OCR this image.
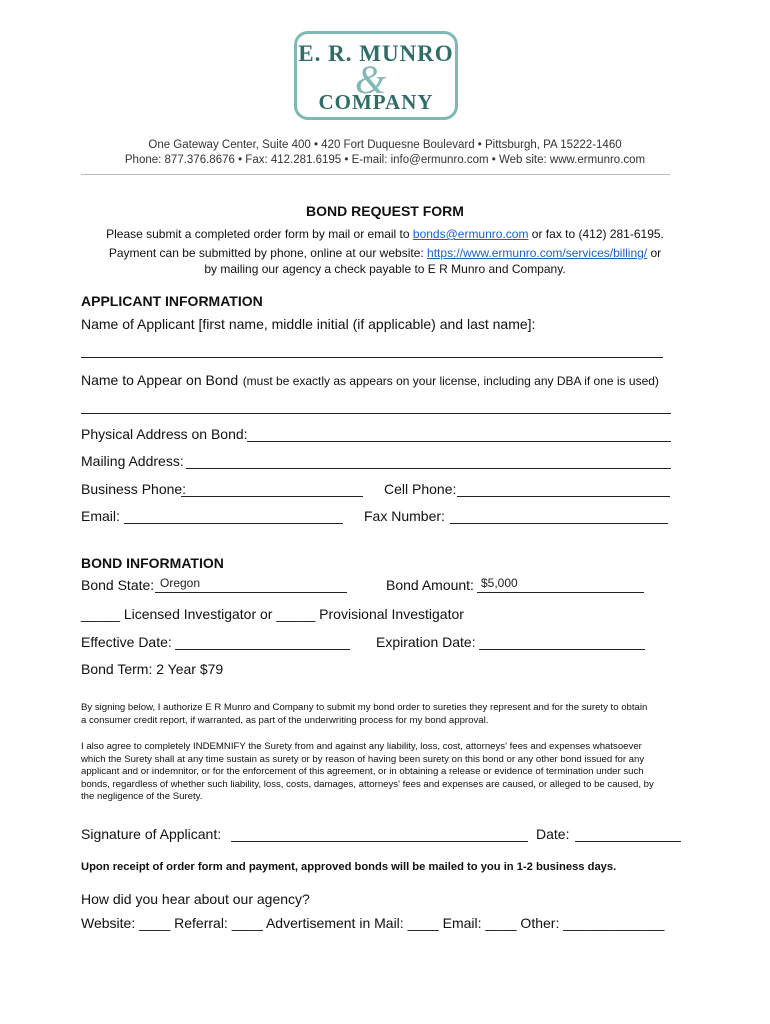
E. R. MUNRO
&
COMPANY
One Gateway Center, Suite 400 • 420 Fort Duquesne Boulevard • Pittsburgh, PA 15222-1460
Phone: 877.376.8676 • Fax: 412.281.6195 • E-mail: info@ermunro.com • Web site: www.ermunro.com
BOND REQUEST FORM
Please submit a completed order form by mail or email to bonds@ermunro.com or fax to (412) 281-6195.
Payment can be submitted by phone, online at our website: https://www.ermunro.com/services/billing/ or
by mailing our agency a check payable to E R Munro and Company.
APPLICANT INFORMATION
Name of Applicant [first name, middle initial (if applicable) and last name]:
Name to Appear on Bond (must be exactly as appears on your license, including any DBA if one is used)
Physical Address on Bond:
Mailing Address:
Business Phone:	Cell Phone:
Email:	Fax Number:
BOND INFORMATION
Bond State: Oregon	Bond Amount: $5,000
_____ Licensed Investigator or _____ Provisional Investigator
Effective Date:	Expiration Date:
Bond Term: 2 Year $79
By signing below, I authorize E R Munro and Company to submit my bond order to sureties they represent and for the surety to obtain
a consumer credit report, if warranted, as part of the underwriting process for my bond approval.
I also agree to completely INDEMNIFY the Surety from and against any liability, loss, cost, attorneys' fees and expenses whatsoever
which the Surety shall at any time sustain as surety or by reason of having been surety on this bond or any other bond issued for any
applicant and or indemnitor, or for the enforcement of this agreement, or in obtaining a release or evidence of termination under such
bonds, regardless of whether such liability, loss, costs, damages, attorneys' fees and expenses are caused, or alleged to be caused, by
the negligence of the Surety.
Signature of Applicant:	Date:
Upon receipt of order form and payment, approved bonds will be mailed to you in 1-2 business days.
How did you hear about our agency?
Website: ____ Referral: ____ Advertisement in Mail: ____ Email: ____ Other: _____________
